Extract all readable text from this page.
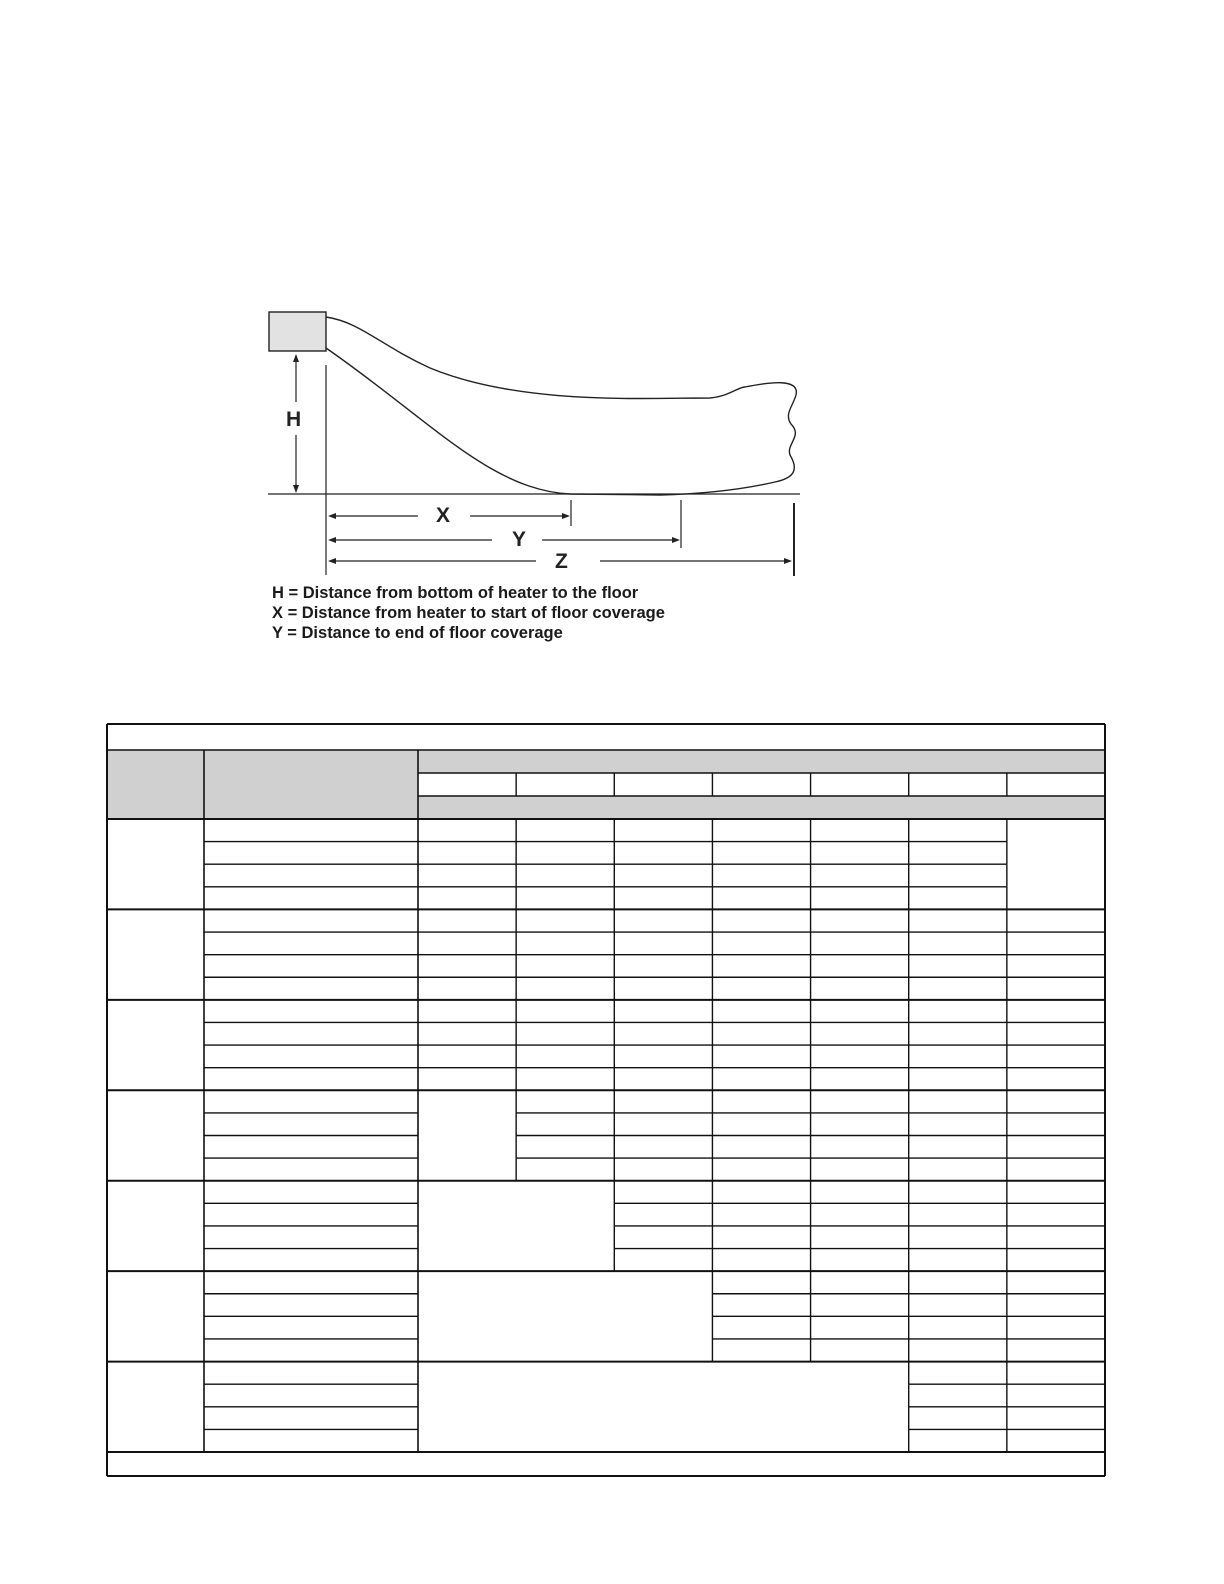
H
X
Y
Z
H = Distance from bottom of heater to the floor
X = Distance from heater to start of floor coverage
Y = Distance to end of floor coverage
